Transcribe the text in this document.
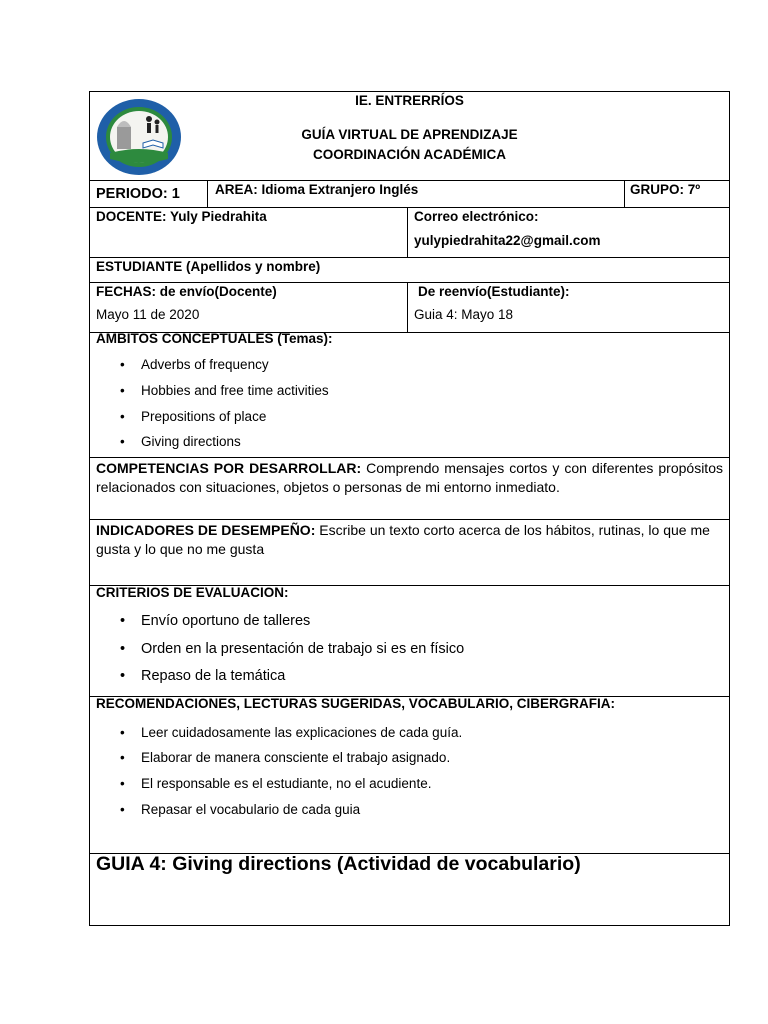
IE. ENTRERRÍOS
GUÍA VIRTUAL DE APRENDIZAJE
COORDINACIÓN ACADÉMICA
PERIODO: 1	AREA: Idioma Extranjero Inglés	GRUPO: 7º
DOCENTE: Yuly Piedrahita	Correo electrónico:
yulypiedrahita22@gmail.com
ESTUDIANTE (Apellidos y nombre)
FECHAS: de envío(Docente)
Mayo 11 de 2020
De reenvío(Estudiante):
Guia 4: Mayo 18
AMBITOS CONCEPTUALES (Temas):
• Adverbs of frequency
• Hobbies and free time activities
• Prepositions of place
• Giving directions
COMPETENCIAS POR DESARROLLAR: Comprendo mensajes cortos y con diferentes propósitos relacionados con situaciones, objetos o personas de mi entorno inmediato.
INDICADORES DE DESEMPEÑO: Escribe un texto corto acerca de los hábitos, rutinas, lo que me gusta y lo que no me gusta
CRITERIOS DE EVALUACION:
• Envío oportuno de talleres
• Orden en la presentación de trabajo si es en físico
• Repaso de la temática
RECOMENDACIONES, LECTURAS SUGERIDAS, VOCABULARIO, CIBERGRAFIA:
• Leer cuidadosamente las explicaciones de cada guía.
• Elaborar de manera consciente el trabajo asignado.
• El responsable es el estudiante, no el acudiente.
• Repasar el vocabulario de cada guia
GUIA 4: Giving directions (Actividad de vocabulario)
